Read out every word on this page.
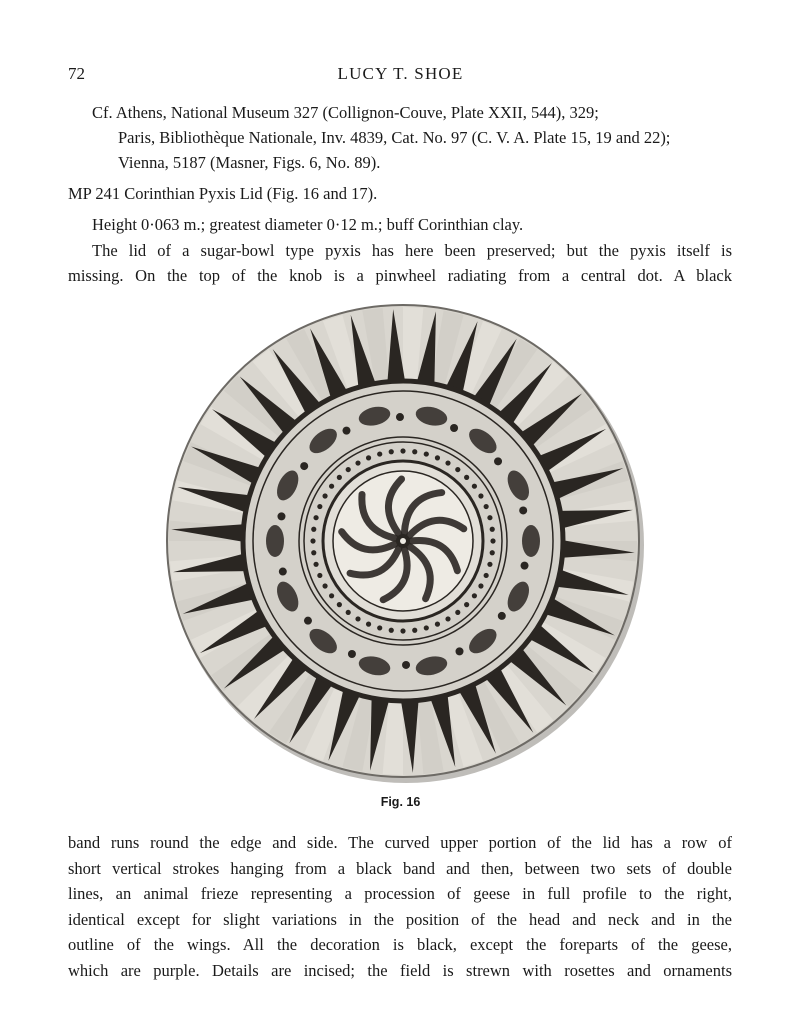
72	LUCY T. SHOE
Cf. Athens, National Museum 327 (Collignon-Couve, Plate XXII, 544), 329;
Paris, Bibliothèque Nationale, Inv. 4839, Cat. No. 97 (C. V. A. Plate 15, 19 and 22);
Vienna, 5187 (Masner, Figs. 6, No. 89).
MP 241 Corinthian Pyxis Lid (Fig. 16 and 17).
Height 0·063 m.; greatest diameter 0·12 m.; buff Corinthian clay.
The lid of a sugar-bowl type pyxis has here been preserved; but the pyxis itself is
missing. On the top of the knob is a pinwheel radiating from a central dot. A black
Fig. 16
band runs round the edge and side. The curved upper portion of the lid has a row of
short vertical strokes hanging from a black band and then, between two sets of double
lines, an animal frieze representing a procession of geese in full profile to the right,
identical except for slight variations in the position of the head and neck and in the
outline of the wings. All the decoration is black, except the foreparts of the geese,
which are purple. Details are incised; the field is strewn with rosettes and ornaments
